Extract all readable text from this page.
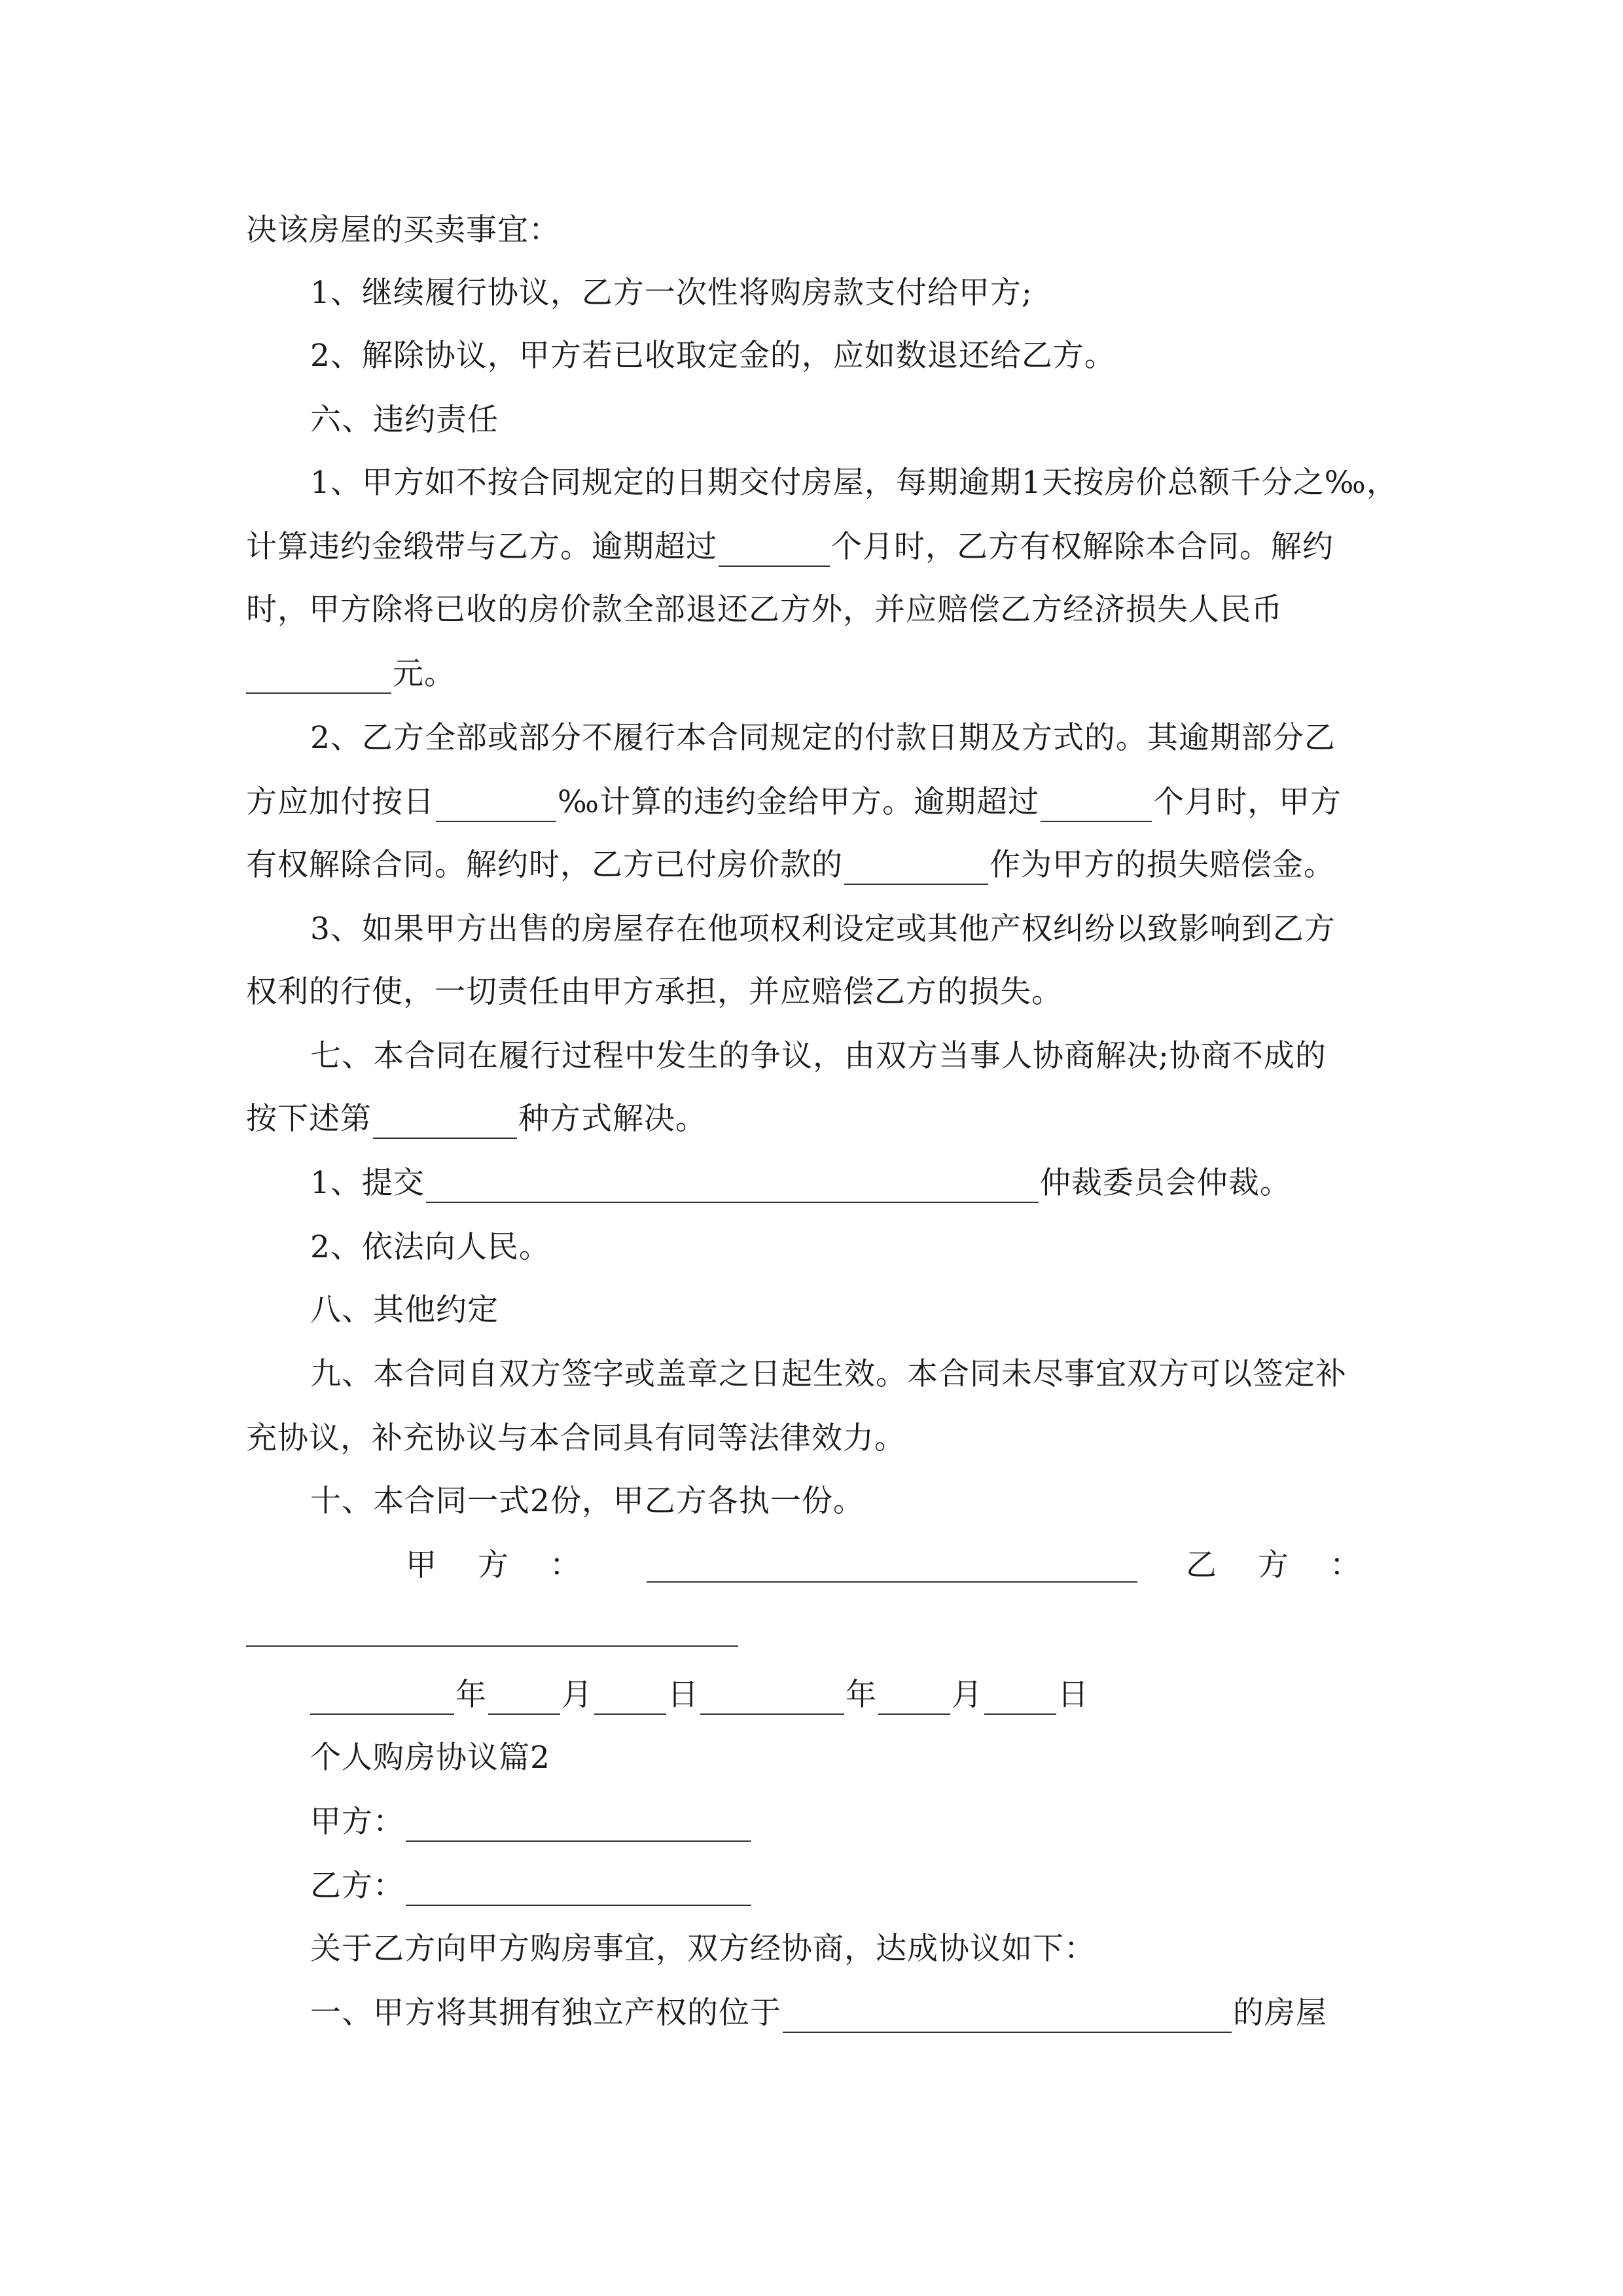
决该房屋的买卖事宜：
1、继续履行协议，乙方一次性将购房款支付给甲方;
2、解除协议，甲方若已收取定金的，应如数退还给乙方。
六、违约责任
1、甲方如不按合同规定的日期交付房屋，每期逾期1天按房价总额千分之‰，
计算违约金缎带与乙方。逾期超过	个月时，乙方有权解除本合同。解约
时，甲方除将已收的房价款全部退还乙方外，并应赔偿乙方经济损失人民币
元。
2、乙方全部或部分不履行本合同规定的付款日期及方式的。其逾期部分乙
方应加付按日	‰计算的违约金给甲方。逾期超过	个月时，甲方
有权解除合同。解约时，乙方已付房价款的	作为甲方的损失赔偿金。
3、如果甲方出售的房屋存在他项权利设定或其他产权纠纷以致影响到乙方
权利的行使，一切责任由甲方承担，并应赔偿乙方的损失。
七、本合同在履行过程中发生的争议，由双方当事人协商解决;协商不成的
按下述第	种方式解决。
1、提交	仲裁委员会仲裁。
2、依法向人民。
八、其他约定
九、本合同自双方签字或盖章之日起生效。本合同未尽事宜双方可以签定补
充协议，补充协议与本合同具有同等法律效力。
十、本合同一式2份，甲乙方各执一份。
甲　方　：	乙　方　：
年 月 日	年 月 日
个人购房协议篇2
甲方：
乙方：
关于乙方向甲方购房事宜，双方经协商，达成协议如下：
一、甲方将其拥有独立产权的位于	的房屋
